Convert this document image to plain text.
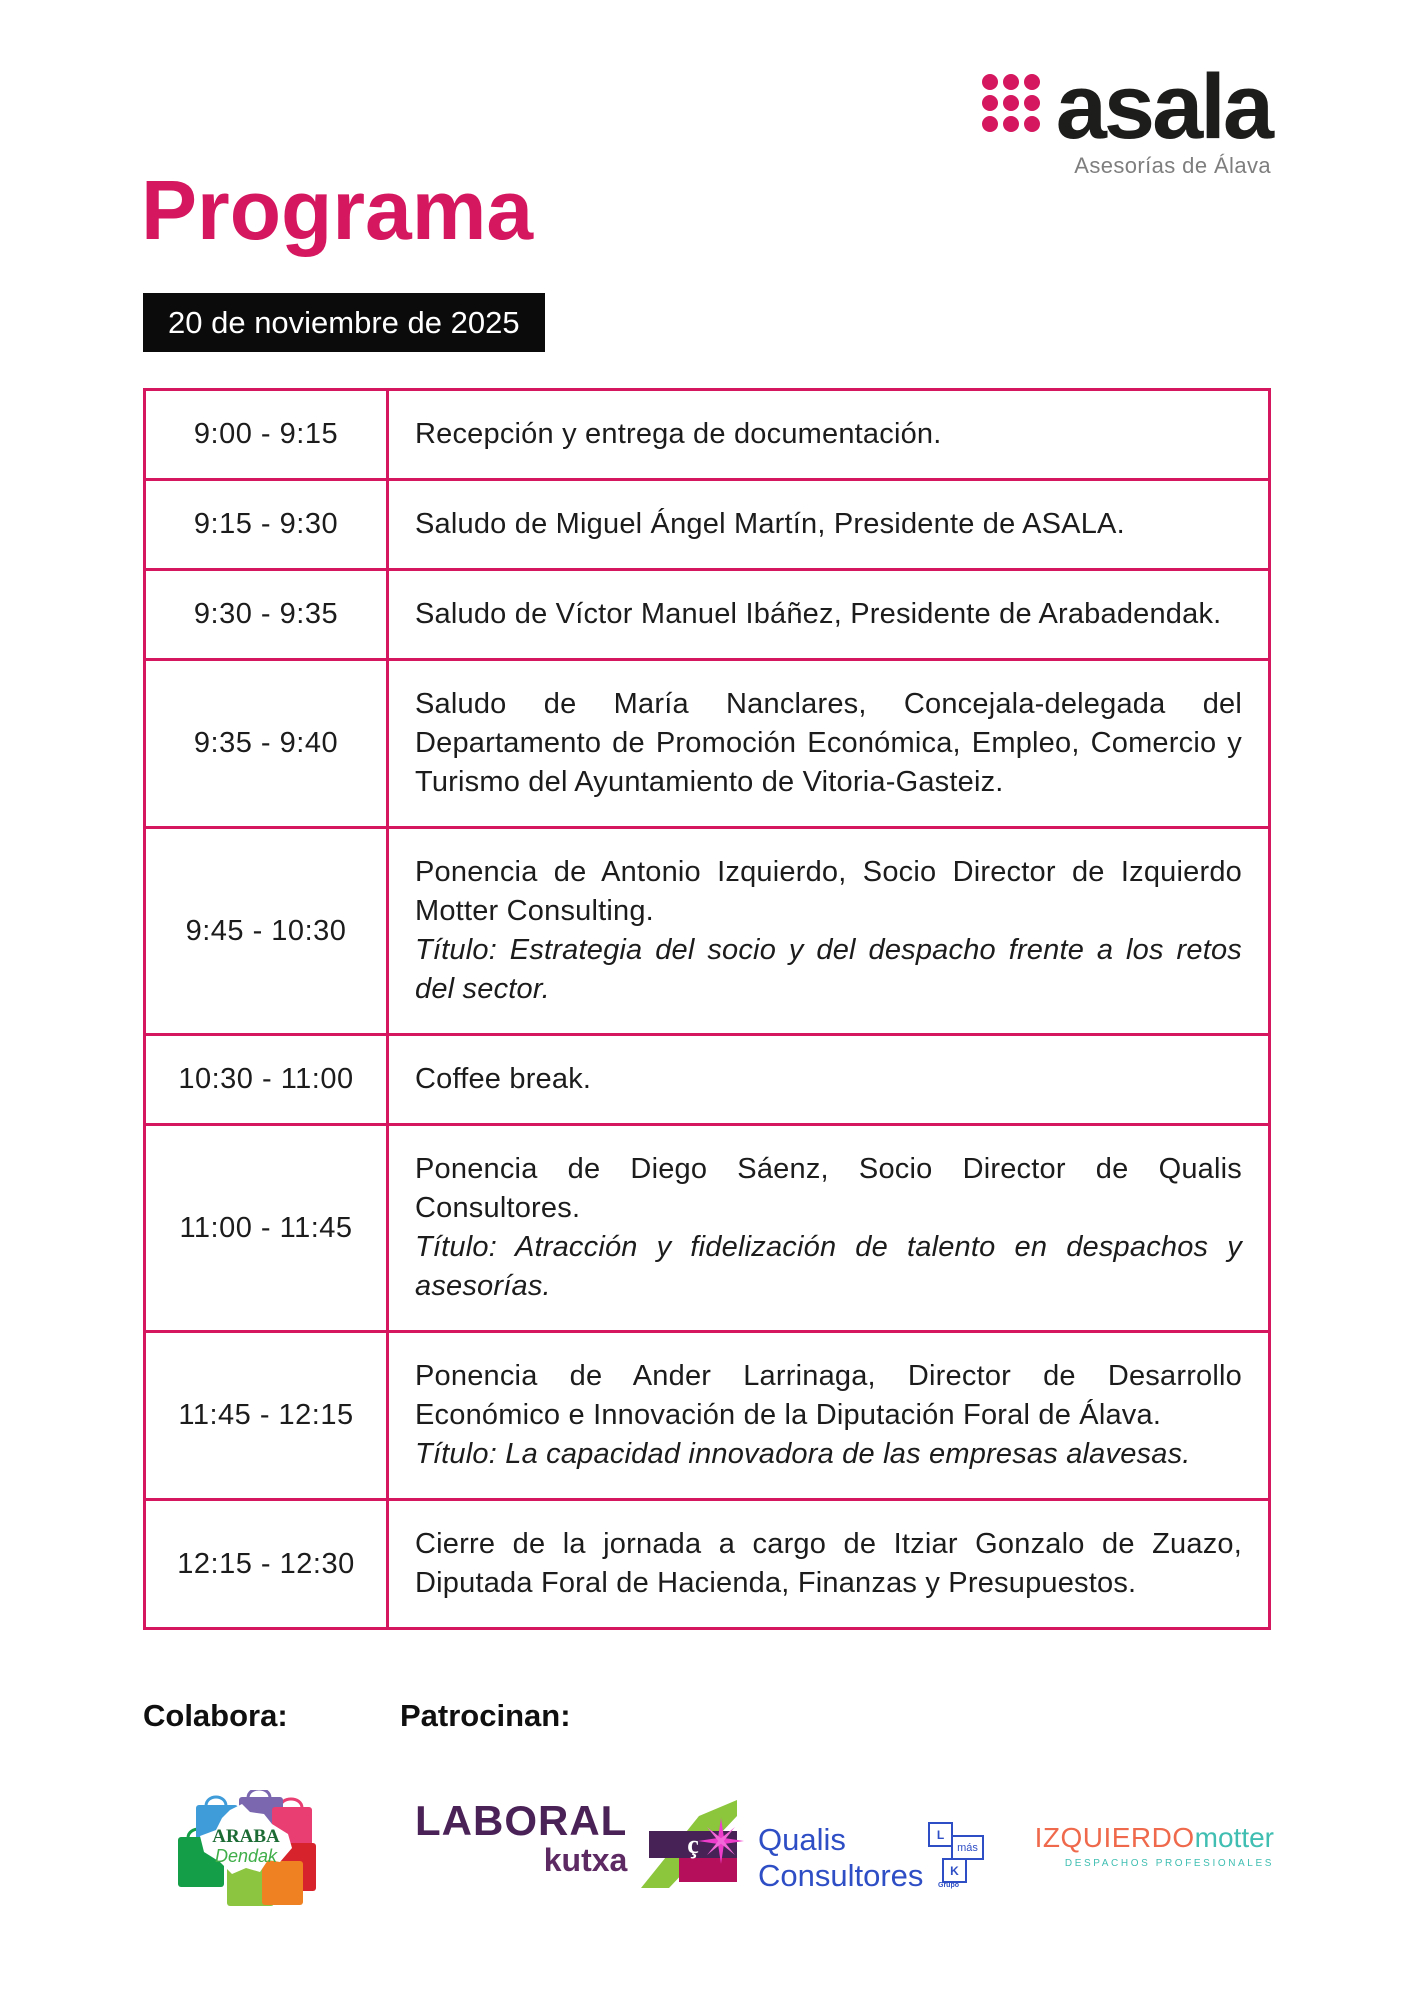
asala
Asesorías de Álava
Programa
20 de noviembre de 2025
9:00 - 9:15	Recepción y entrega de documentación.

9:15 - 9:30	Saludo de Miguel Ángel Martín, Presidente de ASALA.

9:30 - 9:35	Saludo de Víctor Manuel Ibáñez, Presidente de Arabadendak.

9:35 - 9:40	Saludo de María Nanclares, Concejala-delegada del Departamento de Promoción Económica, Empleo, Comercio y Turismo del Ayuntamiento de Vitoria-Gasteiz.

9:45 - 10:30	Ponencia de Antonio Izquierdo, Socio Director de Izquierdo Motter Consulting.
Título: Estrategia del socio y del despacho frente a los retos del sector.

10:30 - 11:00	Coffee break.

11:00 - 11:45	Ponencia de Diego Sáenz, Socio Director de Qualis Consultores.
Título: Atracción y fidelización de talento en despachos y asesorías.

11:45 - 12:15	Ponencia de Ander Larrinaga, Director de Desarrollo Económico e Innovación de la Diputación Foral de Álava.
Título: La capacidad innovadora de las empresas alavesas.

12:15 - 12:30	Cierre de la jornada a cargo de Itziar Gonzalo de Zuazo, Diputada Foral de Hacienda, Finanzas y Presupuestos.
Colabora:	Patrocinan:
ARABA
Dendak
LABORAL
kutxa ç Qualis
Consultores
L
más
K
Grupo
IZQUIERDOmotter
DESPACHOS PROFESIONALES
